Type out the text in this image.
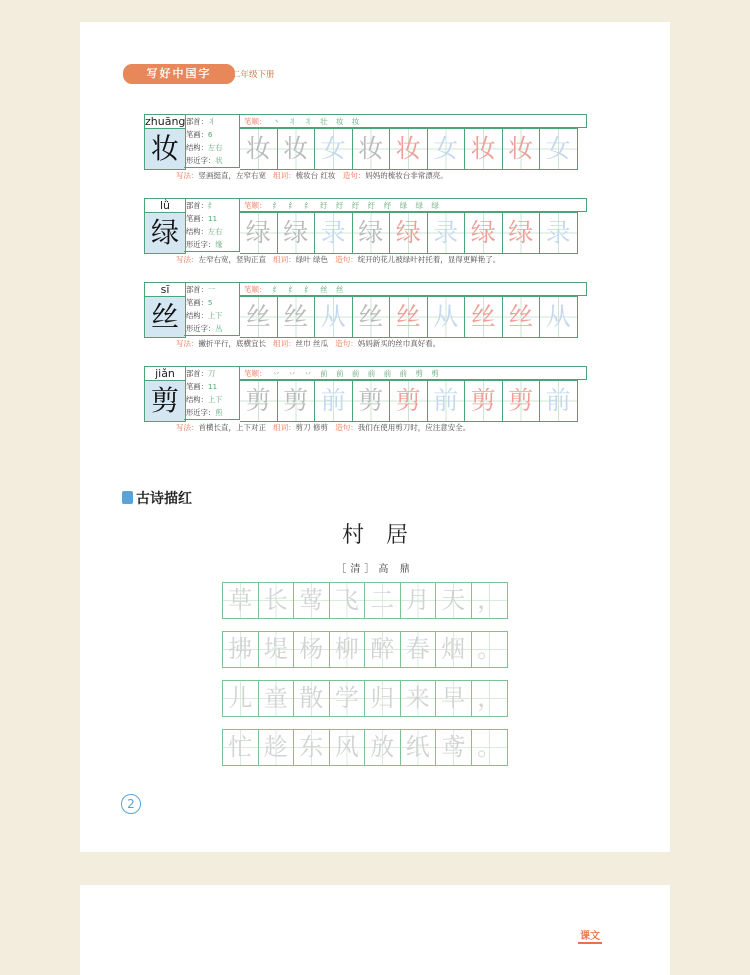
写好中国字	二年级下册
zhuāng
妆
部首：丬
笔画：6
结构：左右
形近字：状
笔顺： 丶 丬 丬 壮 妆 妆
妆 妆 女 妆 妆 女 妆 妆 女
写法：竖画挺直，左窄右宽   组词：梳妆台 红妆   造句：妈妈的梳妆台非常漂亮。
lǜ
绿
部首：纟
笔画：11
结构：左右
形近字：缘
笔顺： 纟 纟 纟 纡 纡 纡 纡 纾 绿 绿 绿
绿 绿 录 绿 绿 录 绿 绿 录
写法：左窄右宽，竖钩正直   组词：绿叶 绿色   造句：绽开的花儿被绿叶衬托着，显得更鲜艳了。
sī
丝
部首：一
笔画：5
结构：上下
形近字：丛
笔顺： 纟 纟 纟 丝 丝
丝 丝 从 丝 丝 从 丝 丝 从
写法：撇折平行，底横宜长   组词：丝巾 丝瓜   造句：妈妈新买的丝巾真好看。
jiǎn
剪
部首：刀
笔画：11
结构：上下
形近字：煎
笔顺： 丷 丷 丷 前 前 前 前 前 前 剪 剪
剪 剪 前 剪 剪 前 剪 剪 前
写法：首横长直，上下对正   组词：剪刀 修剪   造句：我们在使用剪刀时，应注意安全。
古诗描红
村居
［清］高 鼎
草 长 莺 飞 二 月 天 ，
拂 堤 杨 柳 醉 春 烟 。
儿 童 散 学 归 来 早 ，
忙 趁 东 风 放 纸 鸢 。
2
课文
